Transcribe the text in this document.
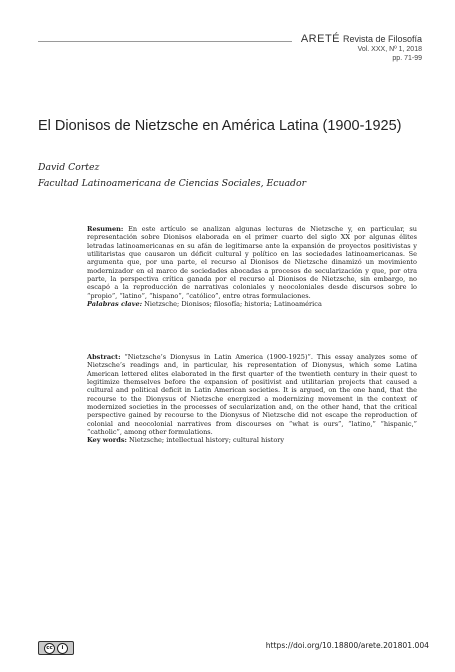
ARETÉ Revista de Filosofía
Vol. XXX, Nº 1, 2018
pp. 71-99
El Dionisos de Nietzsche en América Latina (1900-1925)
David Cortez
Facultad Latinoamericana de Ciencias Sociales, Ecuador
Resumen: En este artículo se analizan algunas lecturas de Nietzsche y, en particular, su representación sobre Dionisos elaborada en el primer cuarto del siglo XX por algunas élites letradas latinoamericanas en su afán de legitimarse ante la expansión de proyectos positivistas y utilitaristas que causaron un déficit cultural y político en las sociedades latinoamericanas. Se argumenta que, por una parte, el recurso al Dionisos de Nietzsche dinamizó un movimiento modernizador en el marco de sociedades abocadas a procesos de secularización y que, por otra parte, la perspectiva crítica ganada por el recurso al Dionisos de Nietzsche, sin embargo, no escapó a la reproducción de narrativas coloniales y neocoloniales desde discursos sobre lo “propio”, “latino”, “hispano”, “católico”, entre otras formulaciones.
Palabras clave: Nietzsche; Dionisos; filosofía; historia; Latinoamérica
Abstract: “Nietzsche’s Dionysus in Latin America (1900-1925)”. This essay analyzes some of Nietzsche’s readings and, in particular, his representation of Dionysus, which some Latina American lettered elites elaborated in the first quarter of the twentieth century in their quest to legitimize themselves before the expansion of positivist and utilitarian projects that caused a cultural and political deficit in Latin American societies. It is argued, on the one hand, that the recourse to the Dionysus of Nietzsche energized a modernizing movement in the context of modernized societies in the processes of secularization and, on the other hand, that the critical perspective gained by recourse to the Dionysus of Nietzsche did not escape the reproduction of colonial and neocolonial narratives from discourses on “what is ours”, “latino,” “hispanic,” “catholic”, among other formulations.
Key words: Nietzsche; intellectual history; cultural history
cc	i	https://doi.org/10.18800/arete.201801.004
